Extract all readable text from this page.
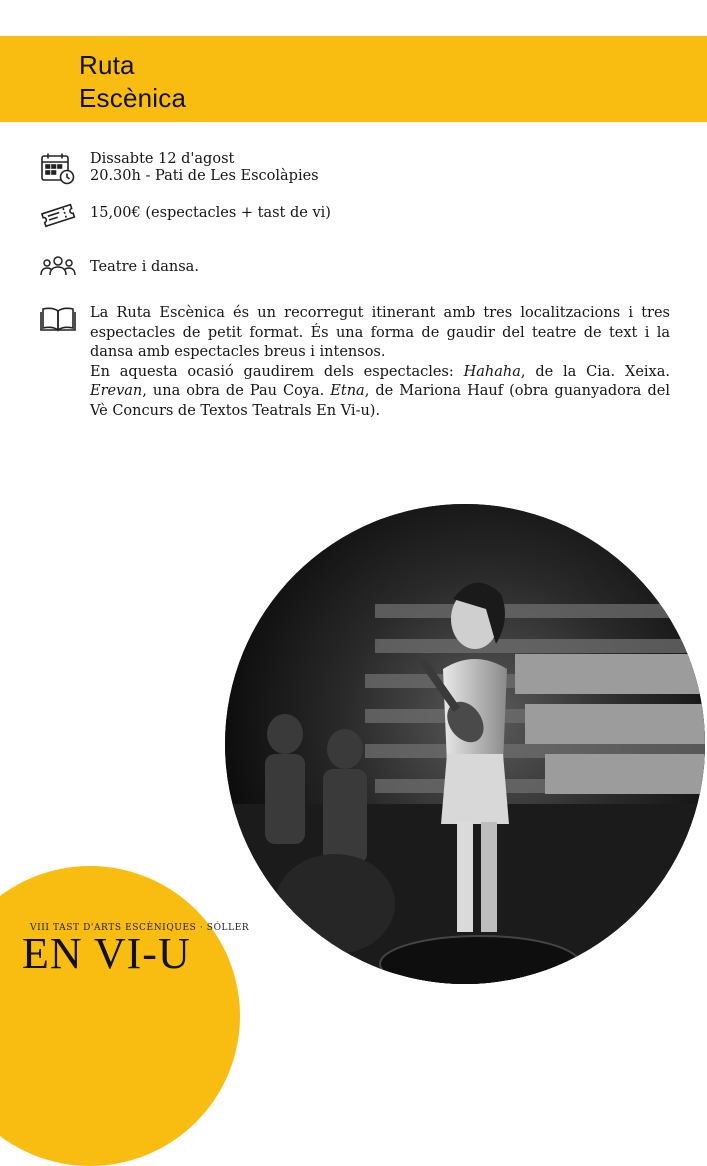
Ruta
Escènica
Dissabte 12 d'agost
20.30h - Pati de Les Escolàpies
15,00€ (espectacles + tast de vi)
Teatre i dansa.

La Ruta Escènica és un recorregut itinerant amb tres localitzacions i tres espectacles de petit format. És una forma de gaudir del teatre de text i la dansa amb espectacles breus i intensos.

En aquesta ocasió gaudirem dels espectacles: Hahaha, de la Cia. Xeixa. Erevan, una obra de Pau Coya. Etna, de Mariona Hauf (obra guanyadora del Vè Concurs de Textos Teatrals En Vi-u).

VIII TAST D'ARTS ESCÈNIQUES · SÓLLER
EN VI-U
